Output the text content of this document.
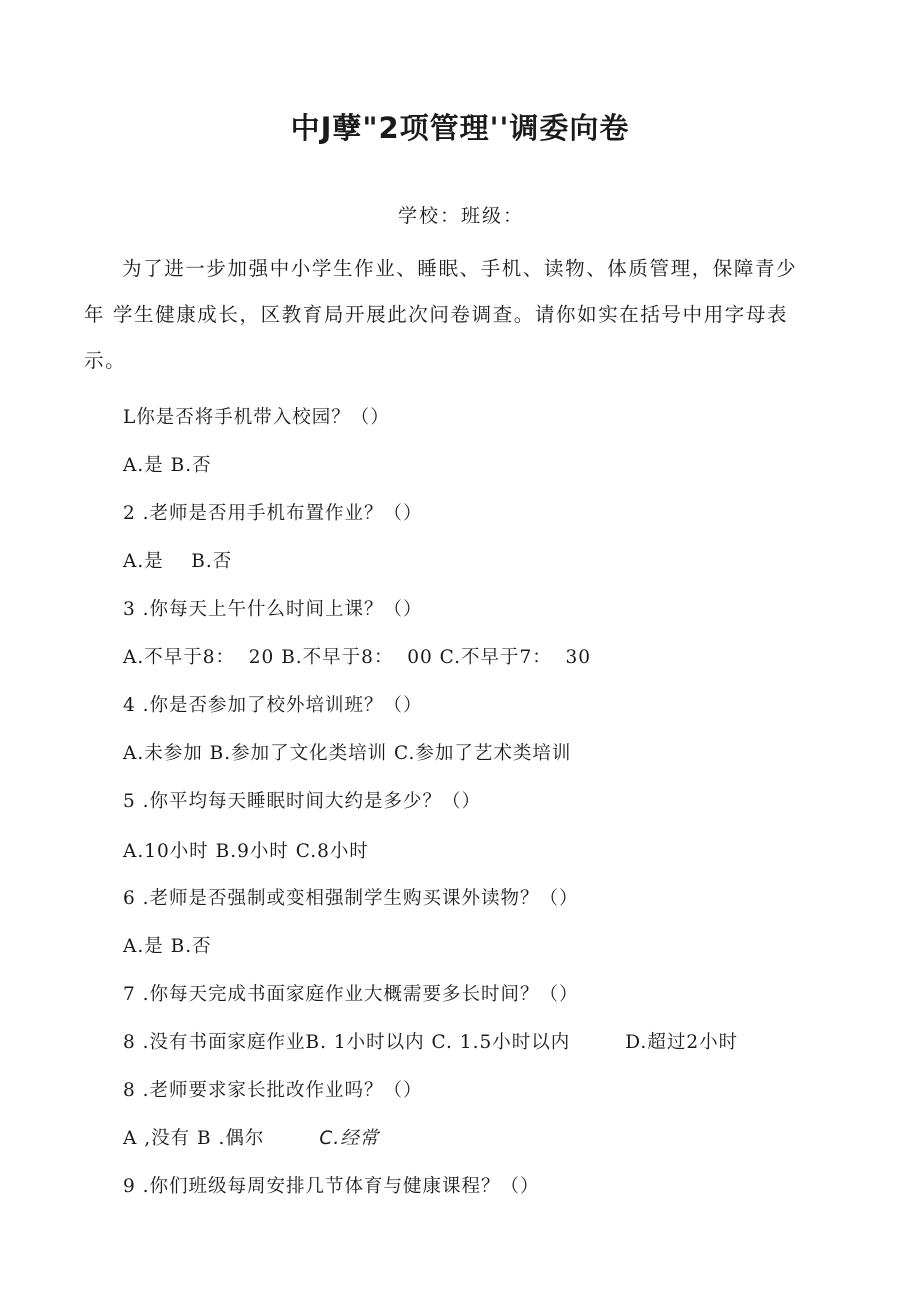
中J孽"2项管理''调委向卷

学校：班级：

为了进一步加强中小学生作业、睡眠、手机、读物、体质管理，保障青少
年 学生健康成长，区教育局开展此次问卷调查。请你如实在括号中用字母表
示。

L你是否将手机带入校园？（）

A.是 B.否

2 .老师是否用手机布置作业？（）

A.是    B.否

3 .你每天上午什么时间上课？（）

A.不早于8：  20 B.不早于8：  00 C.不早于7：  30

4 .你是否参加了校外培训班？（）

A.未参加 B.参加了文化类培训 C.参加了艺术类培训

5 .你平均每天睡眠时间大约是多少？（）

A.10小时 B.9小时 C.8小时

6 .老师是否强制或变相强制学生购买课外读物？（）

A.是 B.否

7 .你每天完成书面家庭作业大概需要多长时间？（）

8 .没有书面家庭作业B. 1小时以内 C. 1.5小时以内        D.超过2小时

8 .老师要求家长批改作业吗？（）

A ,没有 B .偶尔        C.经常

9 .你们班级每周安排几节体育与健康课程？（）
